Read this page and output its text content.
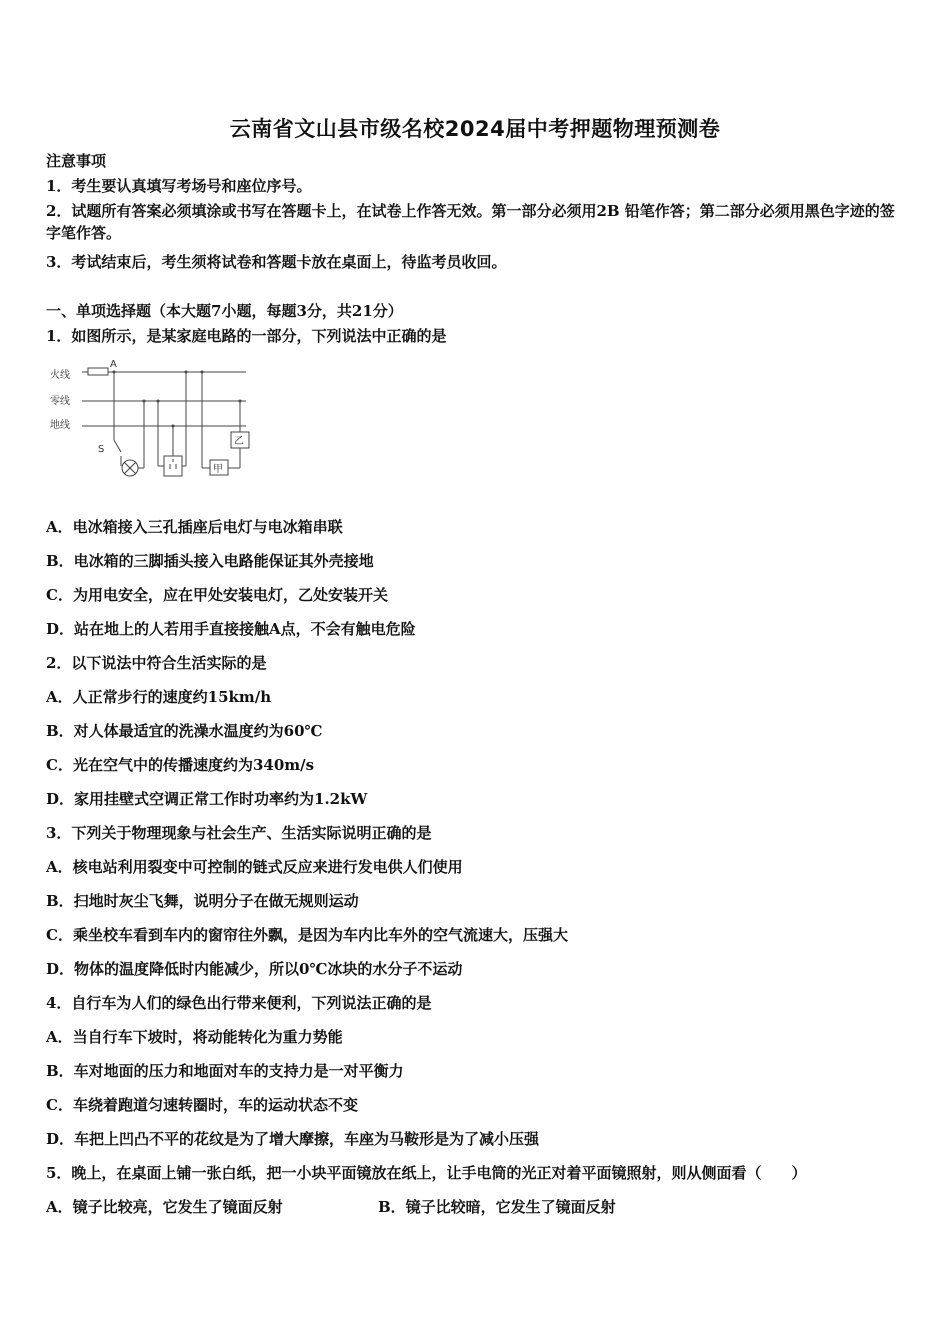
云南省文山县市级名校2024届中考押题物理预测卷
注意事项
1．考生要认真填写考场号和座位序号。
2．试题所有答案必须填涂或书写在答题卡上，在试卷上作答无效。第一部分必须用2B 铅笔作答；第二部分必须用黑色字迹的签字笔作答。
3．考试结束后，考生须将试卷和答题卡放在桌面上，待监考员收回。
一、单项选择题（本大题7小题，每题3分，共21分）
1．如图所示，是某家庭电路的一部分，下列说法中正确的是
火线
零线
地线
A
S
甲
乙
A．电冰箱接入三孔插座后电灯与电冰箱串联
B．电冰箱的三脚插头接入电路能保证其外壳接地
C．为用电安全，应在甲处安装电灯，乙处安装开关
D．站在地上的人若用手直接接触A点，不会有触电危险
2．以下说法中符合生活实际的是
A．人正常步行的速度约15km/h
B．对人体最适宜的洗澡水温度约为60℃
C．光在空气中的传播速度约为340m/s
D．家用挂壁式空调正常工作时功率约为1.2kW
3．下列关于物理现象与社会生产、生活实际说明正确的是
A．核电站利用裂变中可控制的链式反应来进行发电供人们使用
B．扫地时灰尘飞舞，说明分子在做无规则运动
C．乘坐校车看到车内的窗帘往外飘，是因为车内比车外的空气流速大，压强大
D．物体的温度降低时内能减少，所以0℃冰块的水分子不运动
4．自行车为人们的绿色出行带来便利，下列说法正确的是
A．当自行车下坡时，将动能转化为重力势能
B．车对地面的压力和地面对车的支持力是一对平衡力
C．车绕着跑道匀速转圈时，车的运动状态不变
D．车把上凹凸不平的花纹是为了增大摩擦，车座为马鞍形是为了减小压强
5．晚上，在桌面上铺一张白纸，把一小块平面镜放在纸上，让手电筒的光正对着平面镜照射，则从侧面看（　　）
A．镜子比较亮，它发生了镜面反射	B．镜子比较暗，它发生了镜面反射
